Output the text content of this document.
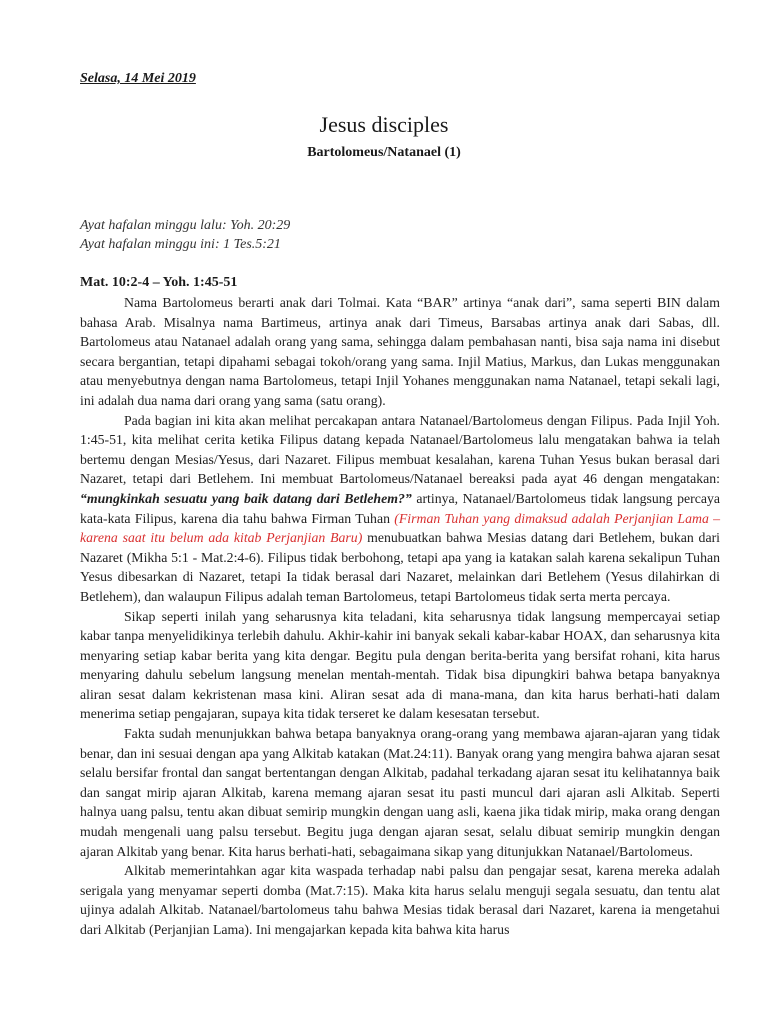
Selasa, 14 Mei 2019
Jesus disciples
Bartolomeus/Natanael (1)
Ayat hafalan minggu lalu: Yoh. 20:29
Ayat hafalan minggu ini: 1 Tes.5:21
Mat. 10:2-4 – Yoh. 1:45-51

Nama Bartolomeus berarti anak dari Tolmai. Kata “BAR” artinya “anak dari”, sama seperti BIN dalam bahasa Arab. Misalnya nama Bartimeus, artinya anak dari Timeus, Barsabas artinya anak dari Sabas, dll. Bartolomeus atau Natanael adalah orang yang sama, sehingga dalam pembahasan nanti, bisa saja nama ini disebut secara bergantian, tetapi dipahami sebagai tokoh/orang yang sama. Injil Matius, Markus, dan Lukas menggunakan atau menyebutnya dengan nama Bartolomeus, tetapi Injil Yohanes menggunakan nama Natanael, tetapi sekali lagi, ini adalah dua nama dari orang yang sama (satu orang).

Pada bagian ini kita akan melihat percakapan antara Natanael/Bartolomeus dengan Filipus. Pada Injil Yoh. 1:45-51, kita melihat cerita ketika Filipus datang kepada Natanael/Bartolomeus lalu mengatakan bahwa ia telah bertemu dengan Mesias/Yesus, dari Nazaret. Filipus membuat kesalahan, karena Tuhan Yesus bukan berasal dari Nazaret, tetapi dari Betlehem. Ini membuat Bartolomeus/Natanael bereaksi pada ayat 46 dengan mengatakan: “mungkinkah sesuatu yang baik datang dari Betlehem?” artinya, Natanael/Bartolomeus tidak langsung percaya kata-kata Filipus, karena dia tahu bahwa Firman Tuhan (Firman Tuhan yang dimaksud adalah Perjanjian Lama – karena saat itu belum ada kitab Perjanjian Baru) menubuatkan bahwa Mesias datang dari Betlehem, bukan dari Nazaret (Mikha 5:1 - Mat.2:4-6). Filipus tidak berbohong, tetapi apa yang ia katakan salah karena sekalipun Tuhan Yesus dibesarkan di Nazaret, tetapi Ia tidak berasal dari Nazaret, melainkan dari Betlehem (Yesus dilahirkan di Betlehem), dan walaupun Filipus adalah teman Bartolomeus, tetapi Bartolomeus tidak serta merta percaya.

Sikap seperti inilah yang seharusnya kita teladani, kita seharusnya tidak langsung mempercayai setiap kabar tanpa menyelidikinya terlebih dahulu. Akhir-kahir ini banyak sekali kabar-kabar HOAX, dan seharusnya kita menyaring setiap kabar berita yang kita dengar. Begitu pula dengan berita-berita yang bersifat rohani, kita harus menyaring dahulu sebelum langsung menelan mentah-mentah. Tidak bisa dipungkiri bahwa betapa banyaknya aliran sesat dalam kekristenan masa kini. Aliran sesat ada di mana-mana, dan kita harus berhati-hati dalam menerima setiap pengajaran, supaya kita tidak terseret ke dalam kesesatan tersebut.

Fakta sudah menunjukkan bahwa betapa banyaknya orang-orang yang membawa ajaran-ajaran yang tidak benar, dan ini sesuai dengan apa yang Alkitab katakan (Mat.24:11). Banyak orang yang mengira bahwa ajaran sesat selalu bersifar frontal dan sangat bertentangan dengan Alkitab, padahal terkadang ajaran sesat itu kelihatannya baik dan sangat mirip ajaran Alkitab, karena memang ajaran sesat itu pasti muncul dari ajaran asli Alkitab. Seperti halnya uang palsu, tentu akan dibuat semirip mungkin dengan uang asli, kaena jika tidak mirip, maka orang dengan mudah mengenali uang palsu tersebut. Begitu juga dengan ajaran sesat, selalu dibuat semirip mungkin dengan ajaran Alkitab yang benar. Kita harus berhati-hati, sebagaimana sikap yang ditunjukkan Natanael/Bartolomeus.

Alkitab memerintahkan agar kita waspada terhadap nabi palsu dan pengajar sesat, karena mereka adalah serigala yang menyamar seperti domba (Mat.7:15). Maka kita harus selalu menguji segala sesuatu, dan tentu alat ujinya adalah Alkitab. Natanael/bartolomeus tahu bahwa Mesias tidak berasal dari Nazaret, karena ia mengetahui dari Alkitab (Perjanjian Lama). Ini mengajarkan kepada kita bahwa kita harus
